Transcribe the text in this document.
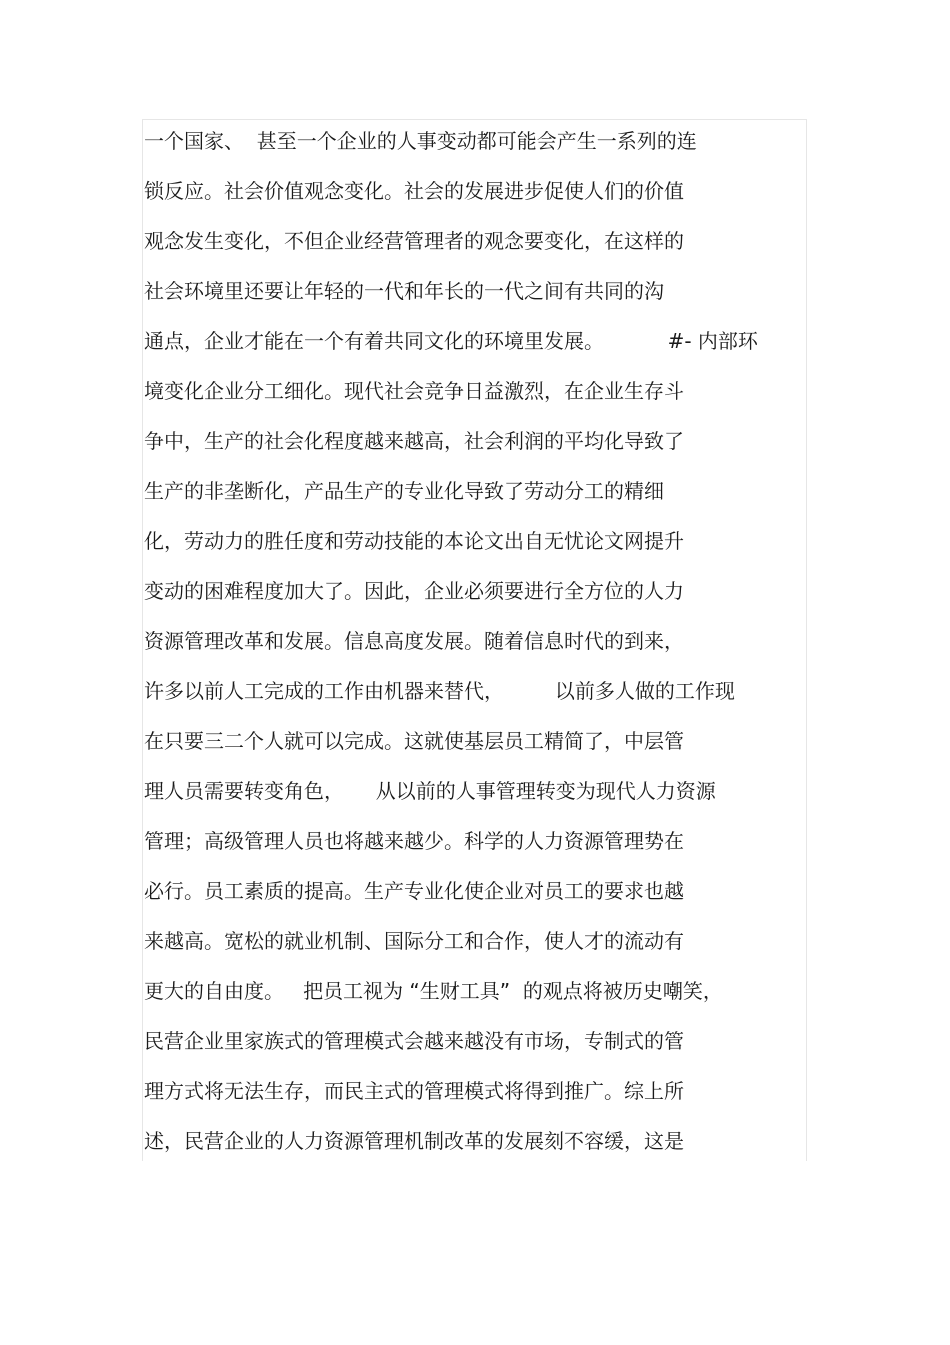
一个国家、  甚至一个企业的人事变动都可能会产生一系列的连
锁反应。社会价值观念变化。社会的发展进步促使人们的价值
观念发生变化，不但企业经营管理者的观念要变化，在这样的
社会环境里还要让年轻的一代和年长的一代之间有共同的沟
通点，企业才能在一个有着共同文化的环境里发展。          #- 内部环
境变化企业分工细化。现代社会竞争日益激烈，在企业生存斗
争中，生产的社会化程度越来越高，社会利润的平均化导致了
生产的非垄断化，产品生产的专业化导致了劳动分工的精细
化，劳动力的胜任度和劳动技能的本论文出自无忧论文网提升
变动的困难程度加大了。因此，企业必须要进行全方位的人力
资源管理改革和发展。信息高度发展。随着信息时代的到来，
许多以前人工完成的工作由机器来替代，        以前多人做的工作现
在只要三二个人就可以完成。这就使基层员工精简了，中层管
理人员需要转变角色，     从以前的人事管理转变为现代人力资源
管理；高级管理人员也将越来越少。科学的人力资源管理势在
必行。员工素质的提高。生产专业化使企业对员工的要求也越
来越高。宽松的就业机制、国际分工和合作，使人才的流动有
更大的自由度。   把员工视为 “生财工具”  的观点将被历史嘲笑，
民营企业里家族式的管理模式会越来越没有市场，专制式的管
理方式将无法生存，而民主式的管理模式将得到推广。综上所
述，民营企业的人力资源管理机制改革的发展刻不容缓，这是
